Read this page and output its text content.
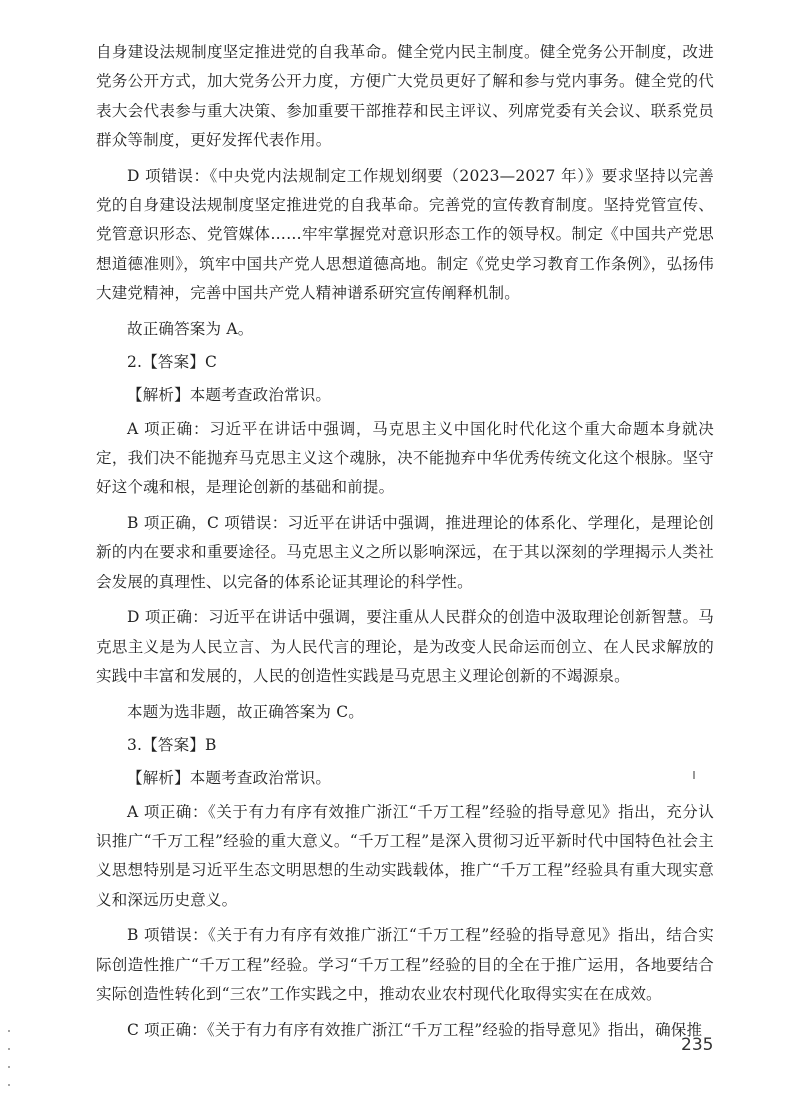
自身建设法规制度坚定推进党的自我革命。健全党内民主制度。健全党务公开制度，改进党务公开方式，加大党务公开力度，方便广大党员更好了解和参与党内事务。健全党的代表大会代表参与重大决策、参加重要干部推荐和民主评议、列席党委有关会议、联系党员群众等制度，更好发挥代表作用。

D 项错误：《中央党内法规制定工作规划纲要（2023—2027 年）》要求坚持以完善党的自身建设法规制度坚定推进党的自我革命。完善党的宣传教育制度。坚持党管宣传、党管意识形态、党管媒体……牢牢掌握党对意识形态工作的领导权。制定《中国共产党思想道德准则》，筑牢中国共产党人思想道德高地。制定《党史学习教育工作条例》，弘扬伟大建党精神，完善中国共产党人精神谱系研究宣传阐释机制。

故正确答案为 A。

2.【答案】C

【解析】本题考查政治常识。

A 项正确：习近平在讲话中强调，马克思主义中国化时代化这个重大命题本身就决定，我们决不能抛弃马克思主义这个魂脉，决不能抛弃中华优秀传统文化这个根脉。坚守好这个魂和根，是理论创新的基础和前提。

B 项正确，C 项错误：习近平在讲话中强调，推进理论的体系化、学理化，是理论创新的内在要求和重要途径。马克思主义之所以影响深远，在于其以深刻的学理揭示人类社会发展的真理性、以完备的体系论证其理论的科学性。

D 项正确：习近平在讲话中强调，要注重从人民群众的创造中汲取理论创新智慧。马克思主义是为人民立言、为人民代言的理论，是为改变人民命运而创立、在人民求解放的实践中丰富和发展的，人民的创造性实践是马克思主义理论创新的不竭源泉。

本题为选非题，故正确答案为 C。

3.【答案】B

【解析】本题考查政治常识。

A 项正确：《关于有力有序有效推广浙江“千万工程”经验的指导意见》指出，充分认识推广“千万工程”经验的重大意义。“千万工程”是深入贯彻习近平新时代中国特色社会主义思想特别是习近平生态文明思想的生动实践载体，推广“千万工程”经验具有重大现实意义和深远历史意义。

B 项错误：《关于有力有序有效推广浙江“千万工程”经验的指导意见》指出，结合实际创造性推广“千万工程”经验。学习“千万工程”经验的目的全在于推广运用，各地要结合实际创造性转化到“三农”工作实践之中，推动农业农村现代化取得实实在在成效。

C 项正确：《关于有力有序有效推广浙江“千万工程”经验的指导意见》指出，确保推

235
